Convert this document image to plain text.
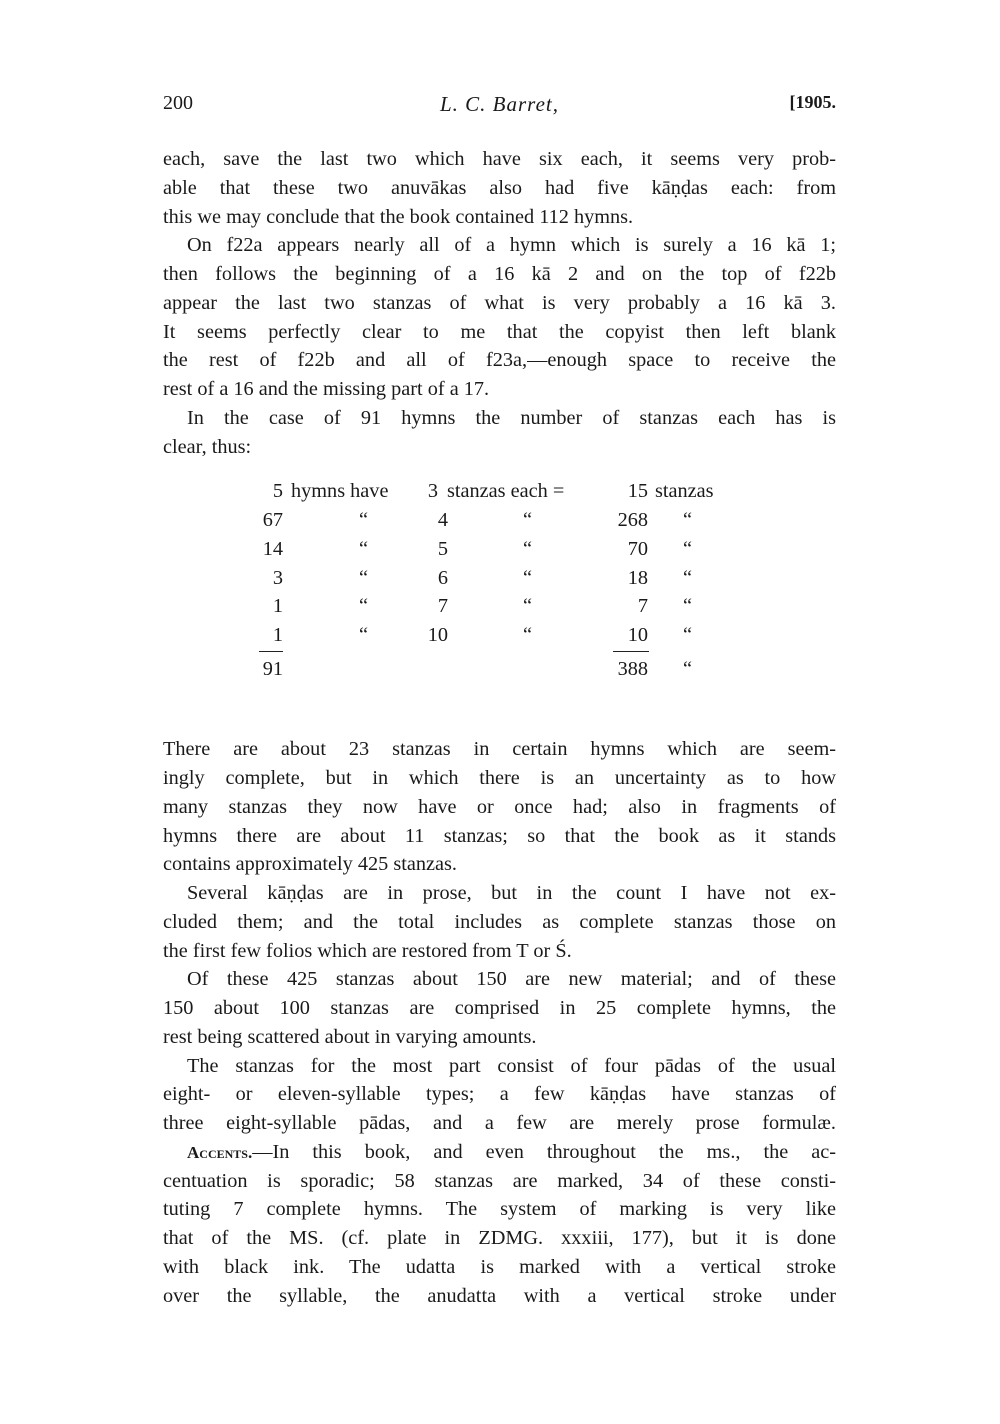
200	L. C. Barret,	[1905.
each, save the last two which have six each, it seems very prob-
able that these two anuvākas also had five kāṇḍas each: from
this we may conclude that the book contained 112 hymns.
On f22a appears nearly all of a hymn which is surely a 16 kā 1;
then follows the beginning of a 16 kā 2 and on the top of f22b
appear the last two stanzas of what is very probably a 16 kā 3.
It seems perfectly clear to me that the copyist then left blank
the rest of f22b and all of f23a,—enough space to receive the
rest of a 16 and the missing part of a 17.
In the case of 91 hymns the number of stanzas each has is
clear, thus:
5 hymns have	3 stanzas each =	15 stanzas
67	“	4	“	268 “
14	“	5	“	70 “
3	“	6	“	18 “
1	“	7	“	7 “
1	“	10	“	10 “
91	388 “
There are about 23 stanzas in certain hymns which are seem-
ingly complete, but in which there is an uncertainty as to how
many stanzas they now have or once had; also in fragments of
hymns there are about 11 stanzas; so that the book as it stands
contains approximately 425 stanzas.
Several kāṇḍas are in prose, but in the count I have not ex-
cluded them; and the total includes as complete stanzas those on
the first few folios which are restored from T or Ś.
Of these 425 stanzas about 150 are new material; and of these
150 about 100 stanzas are comprised in 25 complete hymns, the
rest being scattered about in varying amounts.
The stanzas for the most part consist of four pādas of the usual
eight- or eleven-syllable types; a few kāṇḍas have stanzas of
three eight-syllable pādas, and a few are merely prose formulæ.
Accents.—In this book, and even throughout the ms., the ac-
centuation is sporadic; 58 stanzas are marked, 34 of these consti-
tuting 7 complete hymns. The system of marking is very like
that of the MS. (cf. plate in ZDMG. xxxiii, 177), but it is done
with black ink. The udatta is marked with a vertical stroke
over the syllable, the anudatta with a vertical stroke under
